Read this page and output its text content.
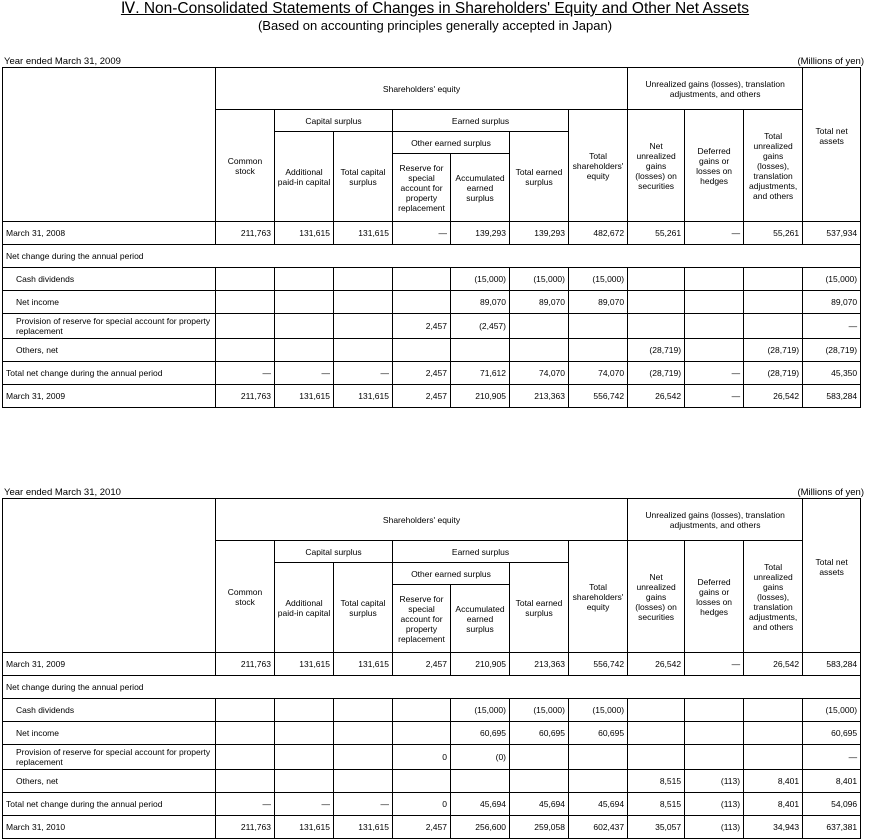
Ⅳ. Non-Consolidated Statements of Changes in Shareholders' Equity and Other Net Assets
(Based on accounting principles generally accepted in Japan)
Year ended March 31, 2009	(Millions of yen)
	Shareholders' equity							Unrealized gains (losses), translation adjustments, and others			Total net assets
	Common stock	Capital surplus		Earned surplus			Total shareholders' equity	Net unrealized gains (losses) on securities	Deferred gains or losses on hedges	Total unrealized gains (losses), translation adjustments, and others	
		Additional paid-in capital	Total capital surplus	Other earned surplus		Total earned surplus					
				Reserve for special account for property replacement	Accumulated earned surplus						
March 31, 2008	211,763	131,615	131,615	—	139,293	139,293	482,672	55,261	—	55,261	537,934
Net change during the annual period											
Cash dividends					(15,000)	(15,000)	(15,000)				(15,000)
Net income					89,070	89,070	89,070				89,070
Provision of reserve for special account for property replacement				2,457	(2,457)						—
Others, net								(28,719)		(28,719)	(28,719)
Total net change during the annual period	—	—	—	2,457	71,612	74,070	74,070	(28,719)	—	(28,719)	45,350
March 31, 2009	211,763	131,615	131,615	2,457	210,905	213,363	556,742	26,542	—	26,542	583,284
Year ended March 31, 2010	(Millions of yen)
	Shareholders' equity							Unrealized gains (losses), translation adjustments, and others			Total net assets
	Common stock	Capital surplus		Earned surplus			Total shareholders' equity	Net unrealized gains (losses) on securities	Deferred gains or losses on hedges	Total unrealized gains (losses), translation adjustments, and others	
		Additional paid-in capital	Total capital surplus	Other earned surplus		Total earned surplus					
				Reserve for special account for property replacement	Accumulated earned surplus						
March 31, 2009	211,763	131,615	131,615	2,457	210,905	213,363	556,742	26,542	—	26,542	583,284
Net change during the annual period											
Cash dividends					(15,000)	(15,000)	(15,000)				(15,000)
Net income					60,695	60,695	60,695				60,695
Provision of reserve for special account for property replacement				0	(0)						—
Others, net								8,515	(113)	8,401	8,401
Total net change during the annual period	—	—	—	0	45,694	45,694	45,694	8,515	(113)	8,401	54,096
March 31, 2010	211,763	131,615	131,615	2,457	256,600	259,058	602,437	35,057	(113)	34,943	637,381
